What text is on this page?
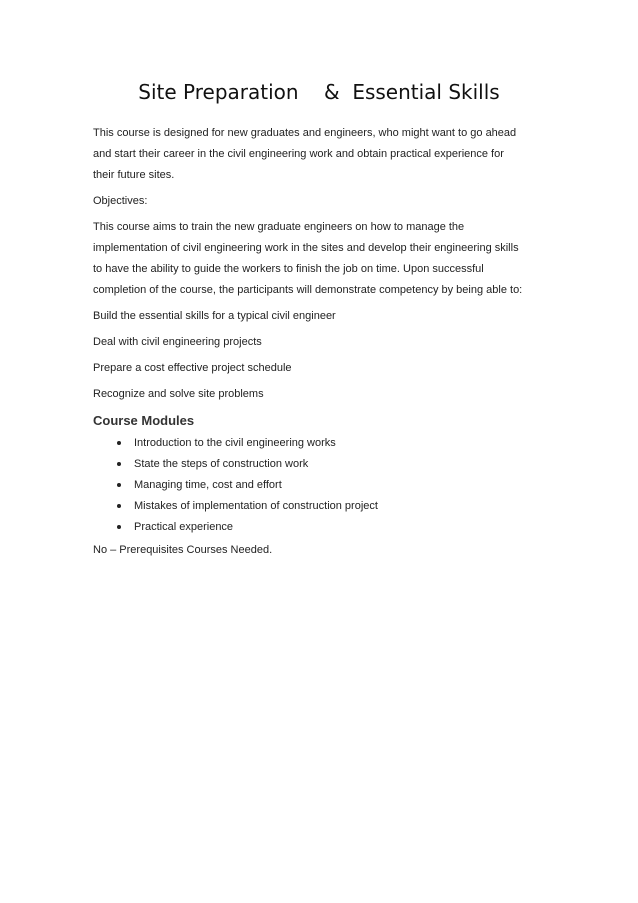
Site Preparation    &  Essential Skills

This course is designed for new graduates and engineers, who might want to go ahead
and start their career in the civil engineering work and obtain practical experience for
their future sites.

Objectives:

This course aims to train the new graduate engineers on how to manage the
implementation of civil engineering work in the sites and develop their engineering skills
to have the ability to guide the workers to finish the job on time. Upon successful
completion of the course, the participants will demonstrate competency by being able to:

Build the essential skills for a typical civil engineer

Deal with civil engineering projects

Prepare a cost effective project schedule

Recognize and solve site problems

Course Modules
Introduction to the civil engineering works
State the steps of construction work
Managing time, cost and effort
Mistakes of implementation of construction project
Practical experience

No – Prerequisites Courses Needed.
